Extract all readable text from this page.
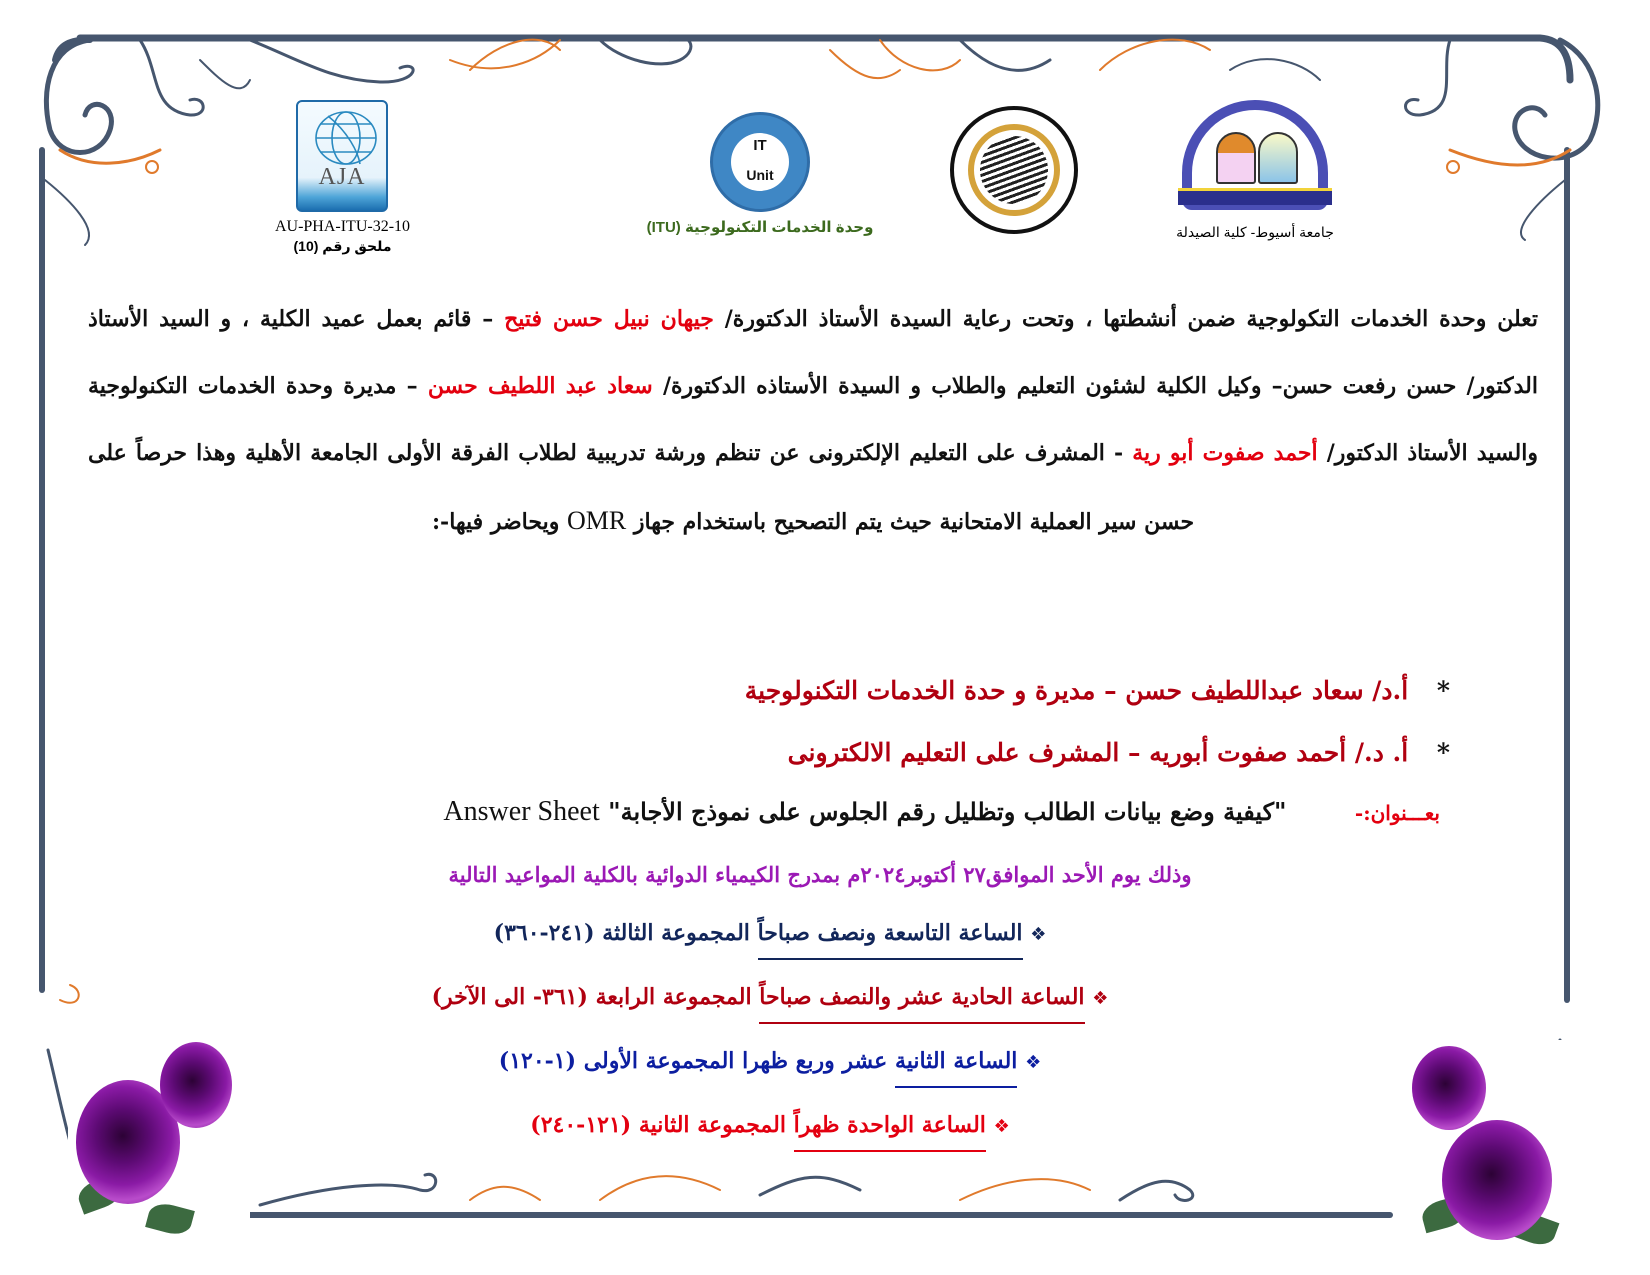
AJA
AU-PHA-ITU-32-10
ملحق رقم (10)
IT
Unit
وحدة الخدمات التكنولوجية (ITU)	جامعة أسيوط- كلية الصيدلة
تعلن وحدة الخدمات التكولوجية ضمن أنشطتها ، وتحت رعاية السيدة الأستاذ الدكتورة/ جيهان نبيل حسن فتيح – قائم بعمل عميد الكلية ، و السيد الأستاذ الدكتور/ حسن رفعت حسن– وكيل الكلية لشئون التعليم والطلاب و السيدة الأستاذه الدكتورة/ سعاد عبد اللطيف حسن – مديرة وحدة الخدمات التكنولوجية والسيد الأستاذ الدكتور/ أحمد صفوت أبو رية - المشرف على التعليم الإلكترونى عن تنظم ورشة تدريبية لطلاب الفرقة الأولى الجامعة الأهلية وهذا حرصاً على حسن سير العملية الامتحانية حيث يتم التصحيح باستخدام جهاز OMR ويحاضر فيها-:
* أ.د/ سعاد عبداللطيف حسن – مديرة و حدة الخدمات التكنولوجية
* أ. د./ أحمد صفوت أبوريه – المشرف على التعليم الالكترونى
بعـــنوان:- "كيفية وضع بيانات الطالب وتظليل رقم الجلوس على نموذج الأجابة" Answer Sheet
وذلك يوم الأحد الموافق٢٧ أكتوبر٢٠٢٤م بمدرج الكيمياء الدوائية بالكلية المواعيد التالية
❖ الساعة التاسعة ونصف صباحاً المجموعة الثالثة (٢٤١-٣٦٠)
❖ الساعة الحادية عشر والنصف صباحاً المجموعة الرابعة (٣٦١- الى الآخر)
❖ الساعة الثانية عشر وربع ظهرا المجموعة الأولى (١-١٢٠)
❖ الساعة الواحدة ظهراً المجموعة الثانية (١٢١-٢٤٠)
